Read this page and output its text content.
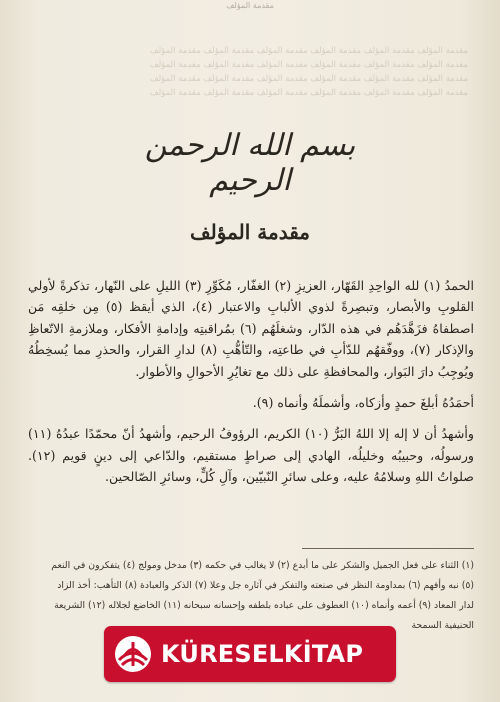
مقدمة المؤلف
مقدمة المؤلف مقدمة المؤلف مقدمة المؤلف مقدمة المؤلف مقدمة المؤلف مقدمة المؤلف
مقدمة المؤلف مقدمة المؤلف مقدمة المؤلف مقدمة المؤلف مقدمة المؤلف مقدمة المؤلف
مقدمة المؤلف مقدمة المؤلف مقدمة المؤلف مقدمة المؤلف مقدمة المؤلف مقدمة المؤلف
مقدمة المؤلف مقدمة المؤلف مقدمة المؤلف مقدمة المؤلف مقدمة المؤلف مقدمة المؤلف
بسم الله الرحمن الرحيم
مقدمة المؤلف

الحمدُ (١) لله الواحِدِ القَهّار، العزيزِ (٢) الغفّار، مُكَوِّرِ (٣) الليلِ على النّهار، تذكرةً لأولي القلوبِ والأبصار، وتبصِرةً لذوي الألبابِ والاعتبار (٤)، الذي أيقظ (٥) مِن خلقِه مَن اصطفاهُ فزَهَّدَهُم في هذه الدّار، وشغلَهُم (٦) بمُراقبتِه وإدامةِ الأفكار، وملازمةِ الاتّعاظِ والإذكار (٧)، ووفّقهُم للدّأبِ في طاعتِه، والتّأهُّبِ (٨) لدارِ القرار، والحذرِ مما يُسخِطُهُ ويُوجِبُ دارَ البَوار، والمحافظةِ على ذلك مع تغايُرِ الأحوالِ والأطوار.

أحمَدُهُ أبلغَ حمدٍ وأزكاه، وأشملَهُ وأنماه (٩).

وأشهدُ أن لا إله إلا اللهُ البَرُّ (١٠) الكريم، الرؤوفُ الرحيم، وأشهدُ أنّ محمّدًا عبدُهُ (١١) ورسولُه، وحبيبُه وخليلُه، الهادي إلى صراطٍ مستقيم، والدّاعي إلى دينٍ قويم (١٢). صلواتُ اللهِ وسلامُهُ عليه، وعلى سائرِ النّبيّين، وآلِ كُلٍّ، وسائرِ الصّالحين.

(١) الثناء على فعل الجميل والشكر على ما أبدع (٢) لا يغالب في حكمه (٣) مدخل ومولج (٤) يتفكرون في النعم

(٥) نبه وأفهم (٦) بمداومة النظر في صنعته والتفكر في آثاره جل وعلا (٧) الذكر والعبادة (٨) التأهب: أخذ الزاد

لدار المعاد (٩) أعمه وأنماه (١٠) العطوف على عباده بلطفه وإحسانه سبحانه (١١) الخاضع لجلاله (١٢) الشريعة

الحنيفية السمحة

KÜRESELKİTAP
